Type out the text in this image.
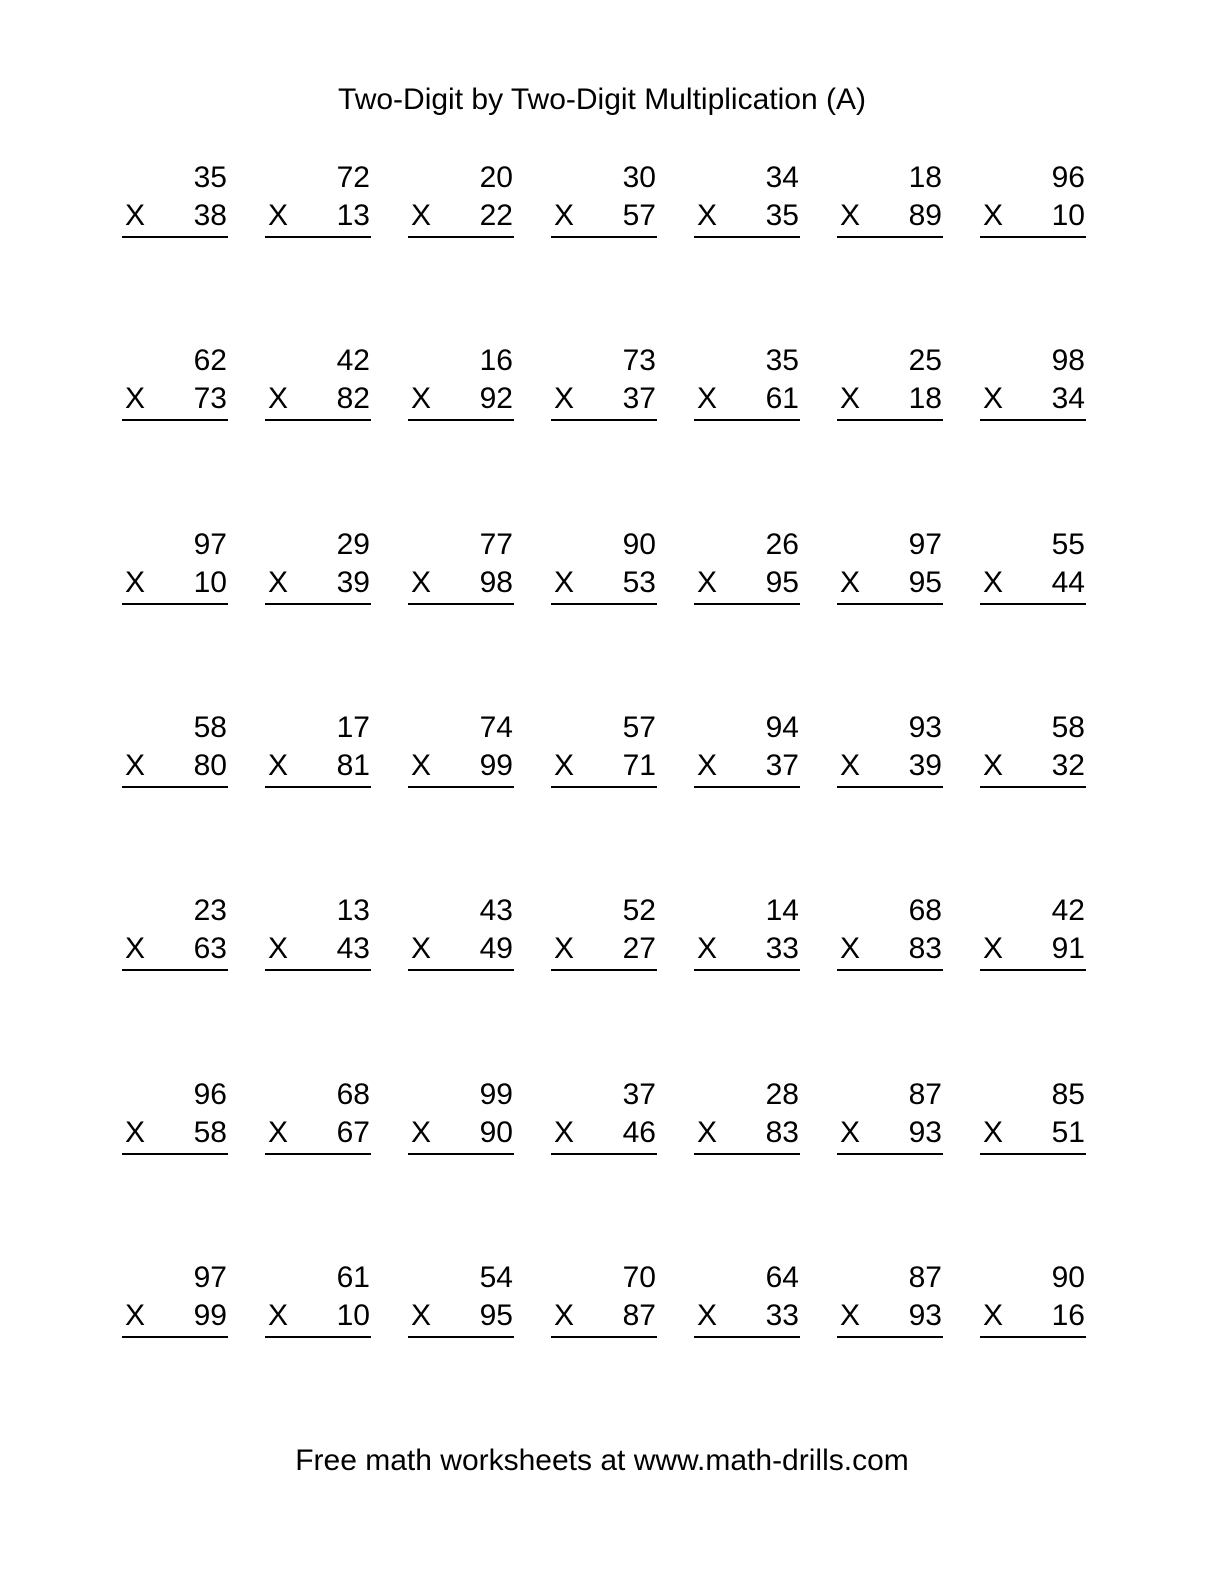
Two-Digit by Two-Digit Multiplication (A)
35
X 38
72
X 13
20
X 22
30
X 57
34
X 35
18
X 89
96
X 10
62
X 73
42
X 82
16
X 92
73
X 37
35
X 61
25
X 18
98
X 34
97
X 10
29
X 39
77
X 98
90
X 53
26
X 95
97
X 95
55
X 44
58
X 80
17
X 81
74
X 99
57
X 71
94
X 37
93
X 39
58
X 32
23
X 63
13
X 43
43
X 49
52
X 27
14
X 33
68
X 83
42
X 91
96
X 58
68
X 67
99
X 90
37
X 46
28
X 83
87
X 93
85
X 51
97
X 99
61
X 10
54
X 95
70
X 87
64
X 33
87
X 93
90
X 16
Free math worksheets at www.math-drills.com
